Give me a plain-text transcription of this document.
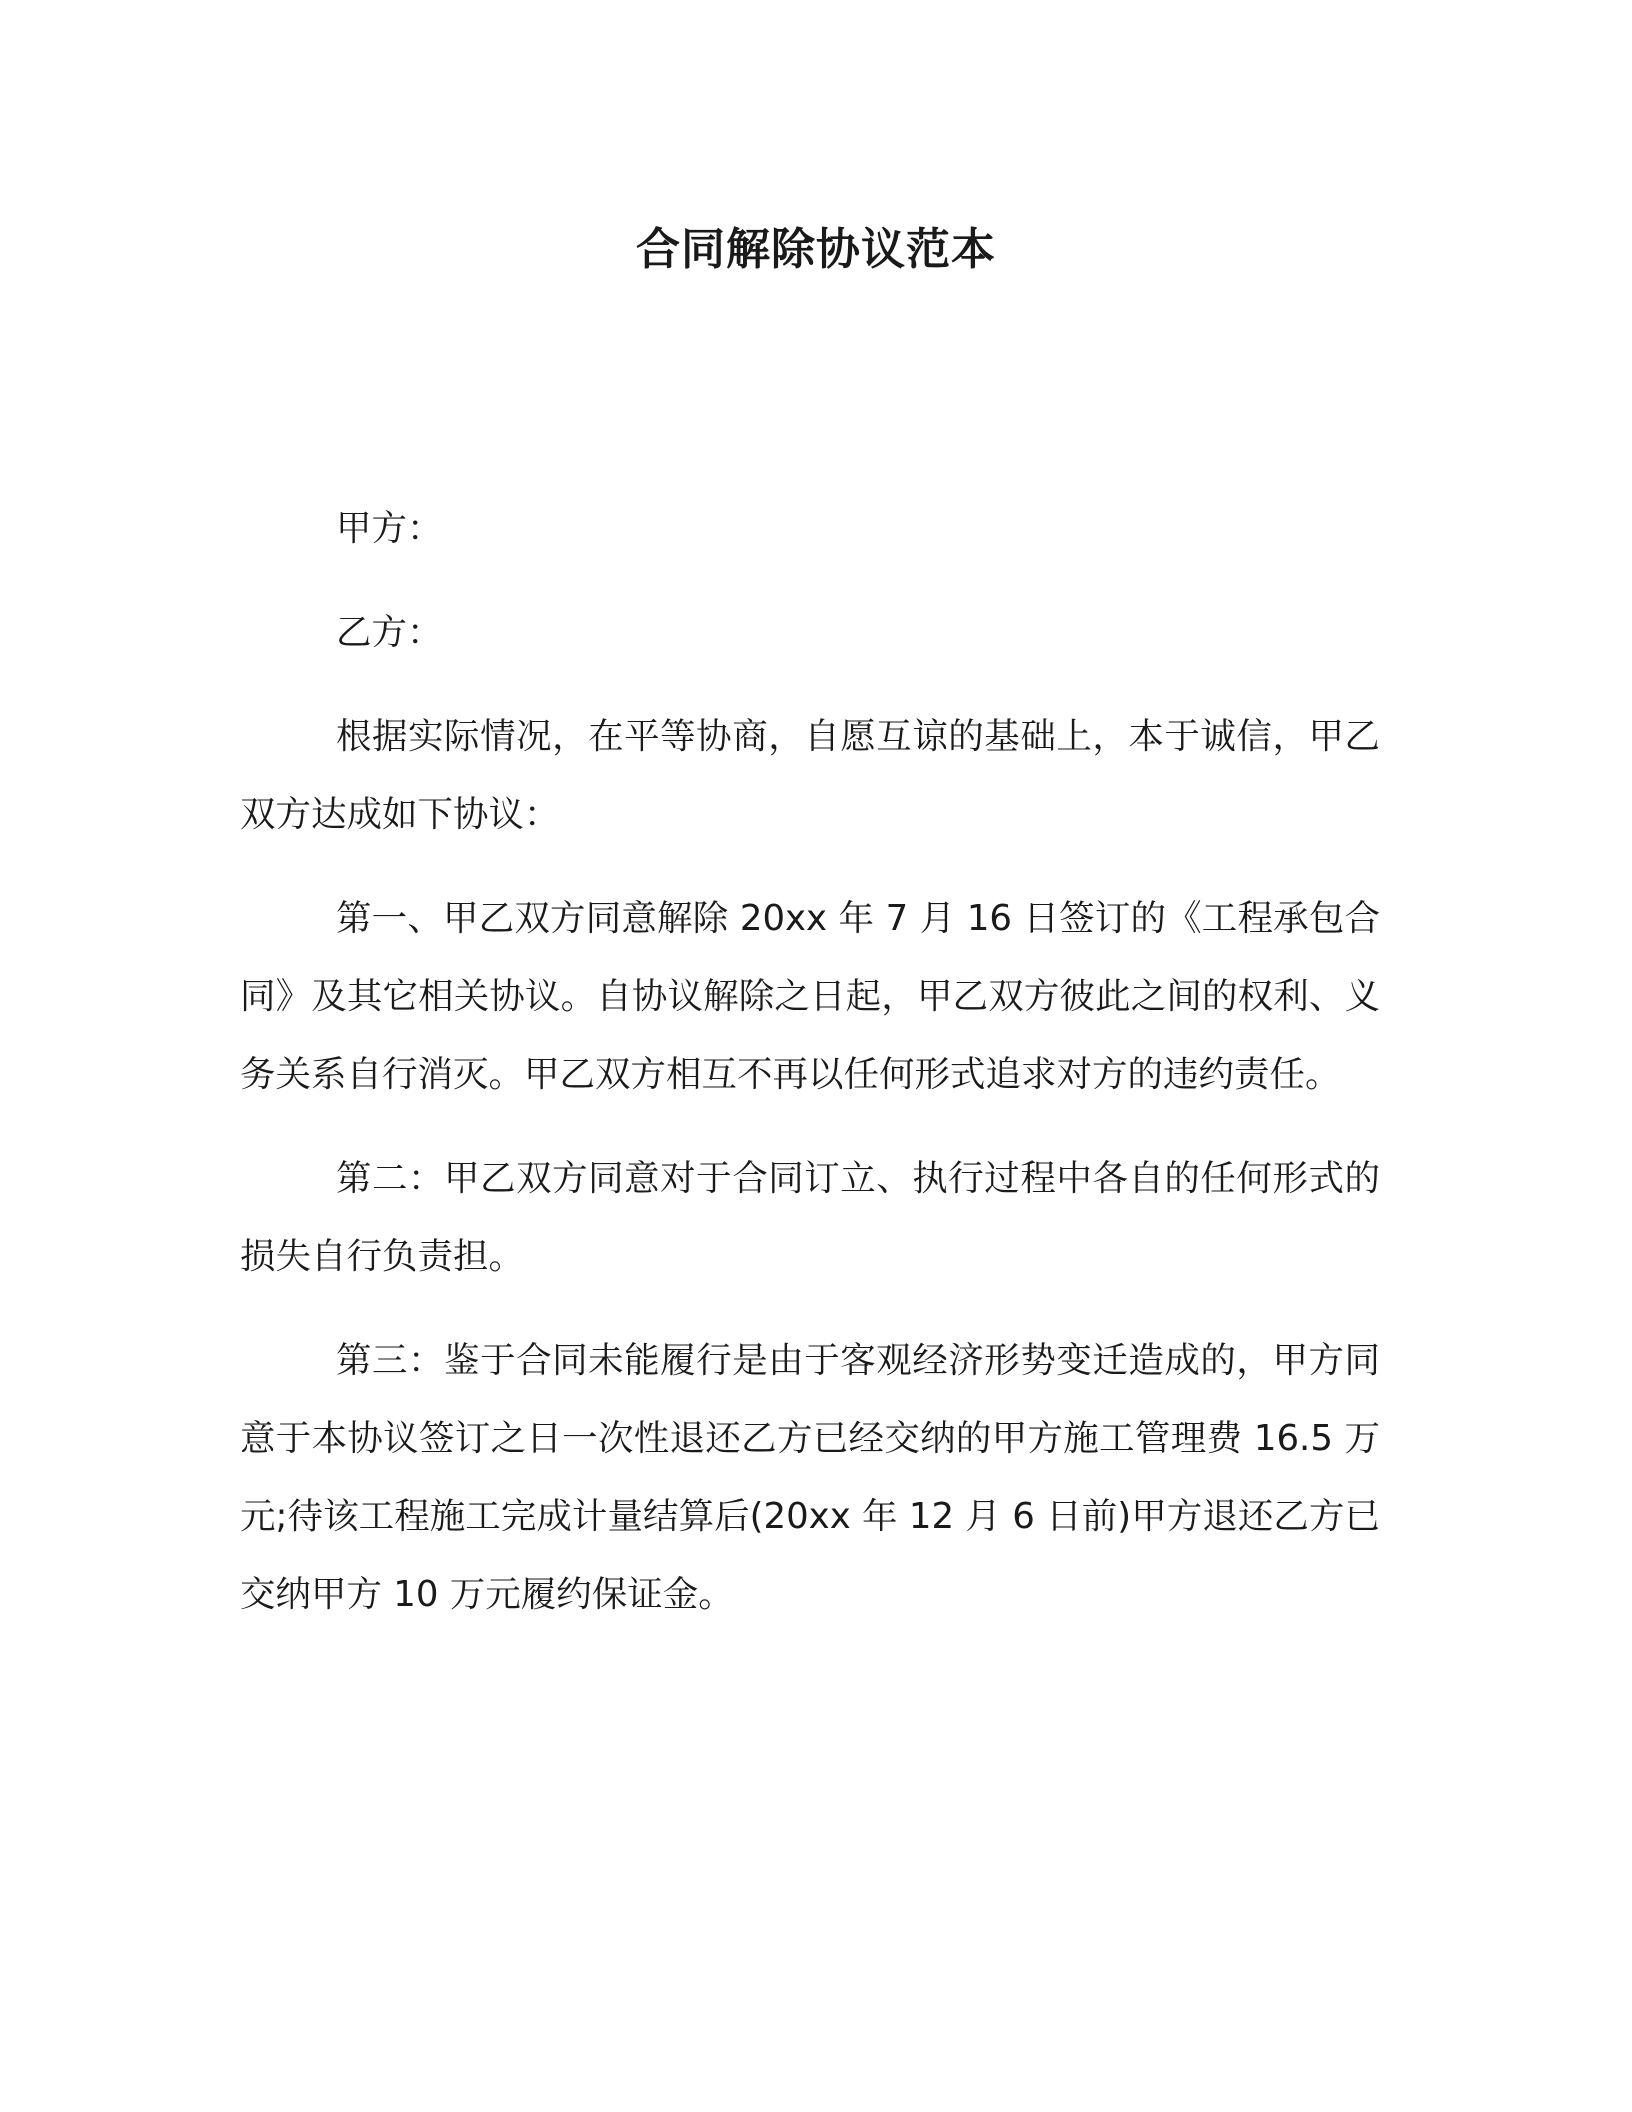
合同解除协议范本

甲方：

乙方：

根据实际情况，在平等协商，自愿互谅的基础上，本于诚信，甲乙双方达成如下协议：

第一、甲乙双方同意解除 20xx 年 7 月 16 日签订的《工程承包合同》及其它相关协议。自协议解除之日起，甲乙双方彼此之间的权利、义务关系自行消灭。甲乙双方相互不再以任何形式追求对方的违约责任。

第二：甲乙双方同意对于合同订立、执行过程中各自的任何形式的损失自行负责担。

第三：鉴于合同未能履行是由于客观经济形势变迁造成的，甲方同意于本协议签订之日一次性退还乙方已经交纳的甲方施工管理费 16.5 万元;待该工程施工完成计量结算后(20xx 年 12 月 6 日前)甲方退还乙方已交纳甲方 10 万元履约保证金。
